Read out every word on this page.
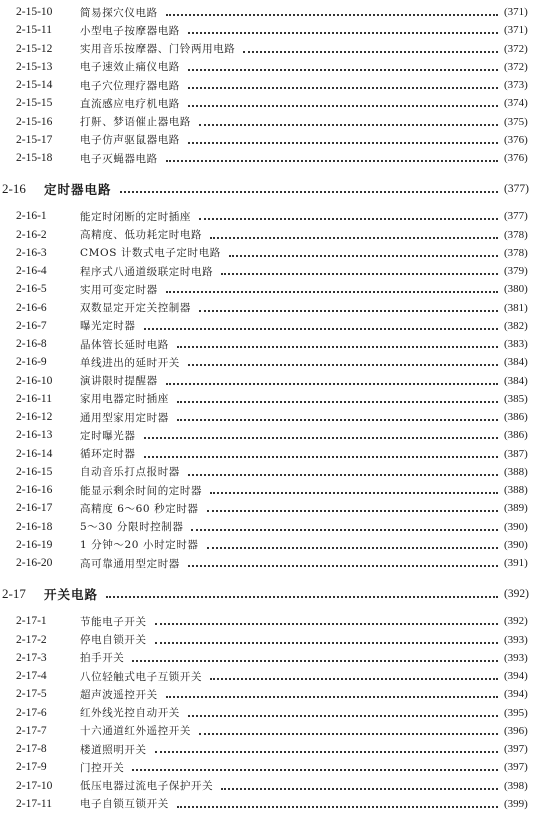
2-15-10	简易探穴仪电路	(371)
2-15-11	小型电子按摩器电路	(371)
2-15-12	实用音乐按摩器、门铃两用电路	(372)
2-15-13	电子速效止痛仪电路	(372)
2-15-14	电子穴位理疗器电路	(373)
2-15-15	直流感应电疗机电路	(374)
2-15-16	打鼾、梦语催止器电路	(375)
2-15-17	电子仿声驱鼠器电路	(376)
2-15-18	电子灭蝇器电路	(376)
2-16	定时器电路	(377)
2-16-1	能定时闭断的定时插座	(377)
2-16-2	高精度、低功耗定时电路	(378)
2-16-3	CMOS 计数式电子定时电路	(378)
2-16-4	程序式八通道级联定时电路	(379)
2-16-5	实用可变定时器	(380)
2-16-6	双数显定开定关控制器	(381)
2-16-7	曝光定时器	(382)
2-16-8	晶体管长延时电路	(383)
2-16-9	单线进出的延时开关	(384)
2-16-10	演讲限时提醒器	(384)
2-16-11	家用电器定时插座	(385)
2-16-12	通用型家用定时器	(386)
2-16-13	定时曝光器	(386)
2-16-14	循环定时器	(387)
2-16-15	自动音乐打点报时器	(388)
2-16-16	能显示剩余时间的定时器	(388)
2-16-17	高精度 6～60 秒定时器	(389)
2-16-18	5～30 分限时控制器	(390)
2-16-19	1 分钟～20 小时定时器	(390)
2-16-20	高可靠通用型定时器	(391)
2-17	开关电路	(392)
2-17-1	节能电子开关	(392)
2-17-2	停电自锁开关	(393)
2-17-3	拍手开关	(393)
2-17-4	八位轻触式电子互锁开关	(394)
2-17-5	超声波遥控开关	(394)
2-17-6	红外线光控自动开关	(395)
2-17-7	十六通道红外遥控开关	(396)
2-17-8	楼道照明开关	(397)
2-17-9	门控开关	(397)
2-17-10	低压电器过流电子保护开关	(398)
2-17-11	电子自锁互锁开关	(399)
